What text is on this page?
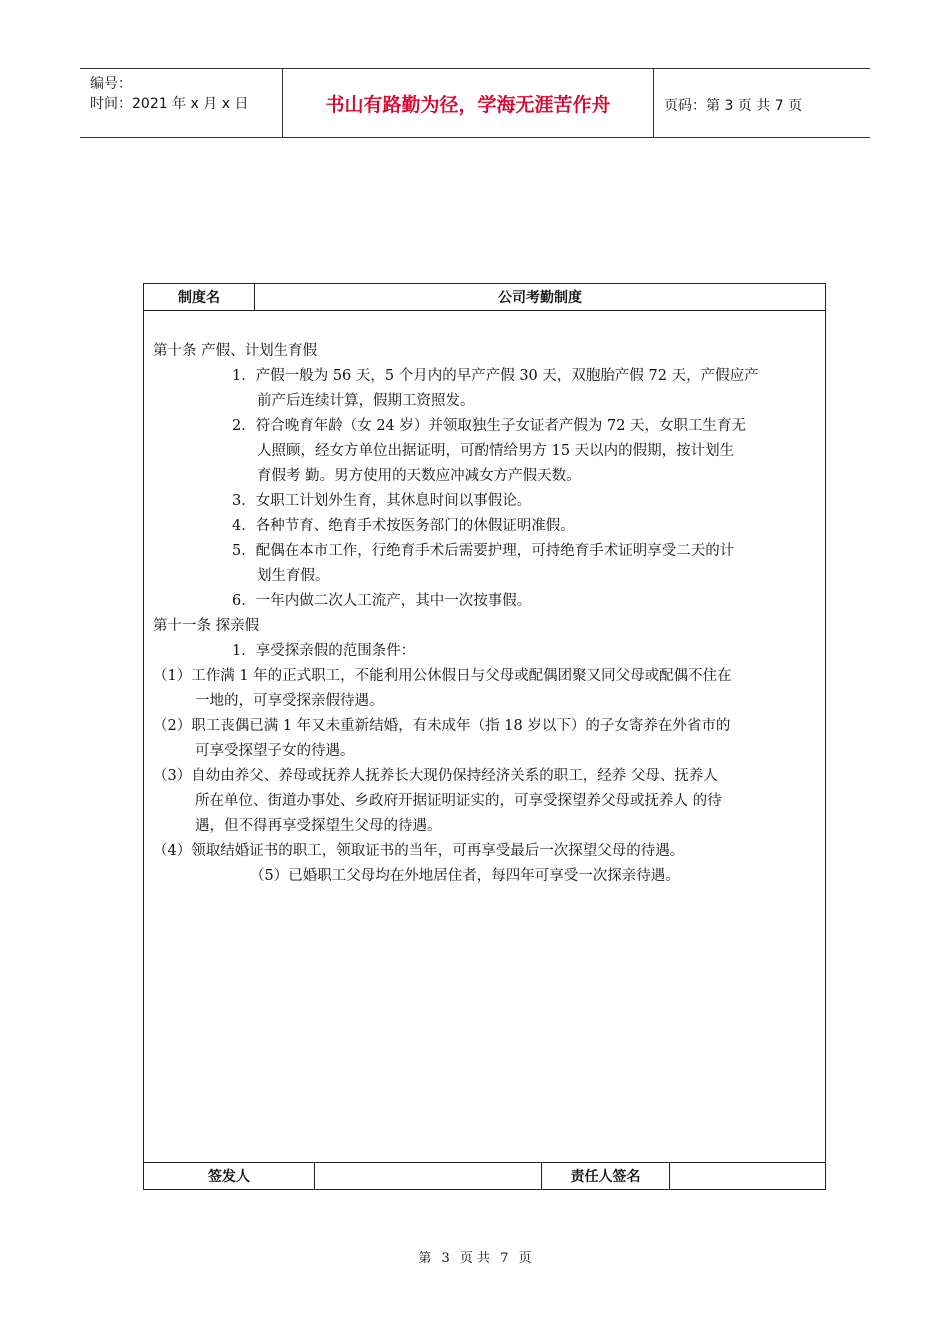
编号：
时间：2021 年 x 月 x 日	书山有路勤为径，学海无涯苦作舟	页码：第 3 页 共 7 页
制度名	公司考勤制度
第十条 产假、计划生育假
1．产假一般为 56 天，5 个月内的早产产假 30 天，双胞胎产假 72 天，产假应产
前产后连续计算，假期工资照发。
2．符合晚育年龄（女 24 岁）并领取独生子女证者产假为 72 天，女职工生育无
人照顾，经女方单位出据证明，可酌情给男方 15 天以内的假期，按计划生
育假考 勤。男方使用的天数应冲减女方产假天数。
3．女职工计划外生育，其休息时间以事假论。
4．各种节育、绝育手术按医务部门的休假证明准假。
5．配偶在本市工作，行绝育手术后需要护理，可持绝育手术证明享受二天的计
划生育假。
6．一年内做二次人工流产，其中一次按事假。
第十一条 探亲假
1．享受探亲假的范围条件：
（1）工作满 1 年的正式职工，不能利用公休假日与父母或配偶团聚又同父母或配偶不住在
一地的，可享受探亲假待遇。
（2）职工丧偶已满 1 年又未重新结婚，有未成年（指 18 岁以下）的子女寄养在外省市的
可享受探望子女的待遇。
（3）自幼由养父、养母或抚养人抚养长大现仍保持经济关系的职工，经养 父母、抚养人
所在单位、街道办事处、乡政府开据证明证实的，可享受探望养父母或抚养人 的待
遇，但不得再享受探望生父母的待遇。
（4）领取结婚证书的职工，领取证书的当年，可再享受最后一次探望父母的待遇。
（5）已婚职工父母均在外地居住者，每四年可享受一次探亲待遇。
签发人	责任人签名
第 3 页 共 7 页
